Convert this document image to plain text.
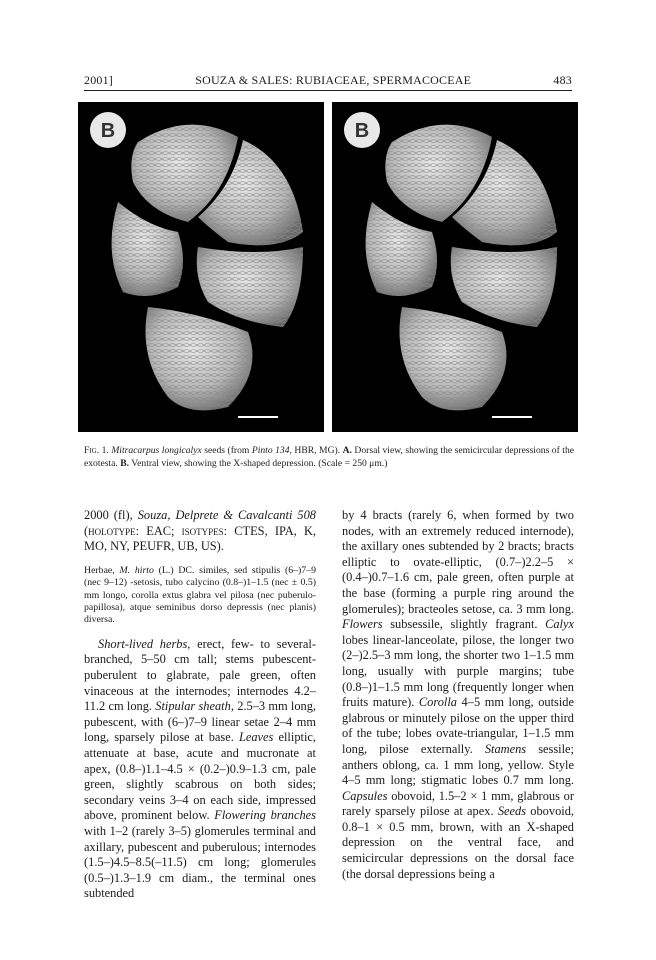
2001]	SOUZA & SALES: RUBIACEAE, SPERMACOCEAE	483
B	B

Fig. 1. Mitracarpus longicalyx seeds (from Pinto 134, HBR, MG). A. Dorsal view, showing the semicircular depressions of the exotesta. B. Ventral view, showing the X-shaped depression. (Scale = 250 μm.)

2000 (fl), Souza, Delprete & Cavalcanti 508 (holotype: EAC; isotypes: CTES, IPA, K, MO, NY, PEUFR, UB, US).

Herbae, M. hirto (L.) DC. similes, sed stipulis (6–)7–9 (nec 9–12) -setosis, tubo calycino (0.8–)1–1.5 (nec ± 0.5) mm longo, corolla extus glabra vel pilosa (nec puberulo-papillosa), atque seminibus dorso depressis (nec planis) diversa.

Short-lived herbs, erect, few- to several-branched, 5–50 cm tall; stems pubescent-puberulent to glabrate, pale green, often vinaceous at the internodes; internodes 4.2–11.2 cm long. Stipular sheath, 2.5–3 mm long, pubescent, with (6–)7–9 linear setae 2–4 mm long, sparsely pilose at base. Leaves elliptic, attenuate at base, acute and mucronate at apex, (0.8–)1.1–4.5 × (0.2–)0.9–1.3 cm, pale green, slightly scabrous on both sides; secondary veins 3–4 on each side, impressed above, prominent below. Flowering branches with 1–2 (rarely 3–5) glomerules terminal and axillary, pubescent and puberulous; internodes (1.5–)4.5–8.5(–11.5) cm long; glomerules (0.5–)1.3–1.9 cm diam., the terminal ones subtended

by 4 bracts (rarely 6, when formed by two nodes, with an extremely reduced internode), the axillary ones subtended by 2 bracts; bracts elliptic to ovate-elliptic, (0.7–)2.2–5 × (0.4–)0.7–1.6 cm, pale green, often purple at the base (forming a purple ring around the glomerules); bracteoles setose, ca. 3 mm long. Flowers subsessile, slightly fragrant. Calyx lobes linear-lanceolate, pilose, the longer two (2–)2.5–3 mm long, the shorter two 1–1.5 mm long, usually with purple margins; tube (0.8–)1–1.5 mm long (frequently longer when fruits mature). Corolla 4–5 mm long, outside glabrous or minutely pilose on the upper third of the tube; lobes ovate-triangular, 1–1.5 mm long, pilose externally. Stamens sessile; anthers oblong, ca. 1 mm long, yellow. Style 4–5 mm long; stigmatic lobes 0.7 mm long. Capsules obovoid, 1.5–2 × 1 mm, glabrous or rarely sparsely pilose at apex. Seeds obovoid, 0.8–1 × 0.5 mm, brown, with an X-shaped depression on the ventral face, and semicircular depressions on the dorsal face (the dorsal depressions being a
